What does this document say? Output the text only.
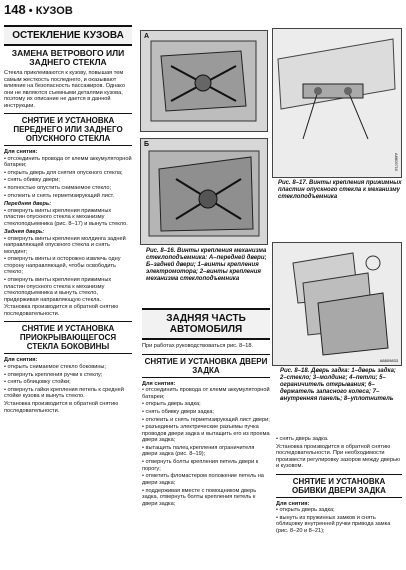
148 • КУЗОВ
ОСТЕКЛЕНИЕ КУЗОВА
ЗАМЕНА ВЕТРОВОГО ИЛИ ЗАДНЕГО СТЕКЛА

Стекла приклеиваются к кузову, повышая тем самым жесткость последнего, и оказывают влияние на безопасность пассажиров. Однако они не являются съемными деталями кузова, поэтому их описание не дается в данной инструкции.

СНЯТИЕ И УСТАНОВКА ПЕРЕДНЕГО ИЛИ ЗАДНЕГО ОПУСКНОГО СТЕКЛА
Для снятия:

• отсоединить провода от клемм аккумуляторной батареи;

• открыть дверь для снятия опускного стекла;

• снять обивку двери;

• полностью опустить снимаемое стекло;

• отклеить и снять герметизирующий лист.

Передняя дверь:

• отвернуть винты крепления прижимных пластин опускного стекла к механизму стеклоподъемника (рис. 8–17) и вынуть стекло.

Задняя дверь:

• отвернуть винты крепления молдинга задней направляющей опускного стекла и снять молдинг;

• отвернуть винты и осторожно извлечь одну сторону направляющей, чтобы освободить стекло;

• отвернуть винты крепления прижимных пластин опускного стекла к механизму стеклоподъемника и вынуть стекло, придерживая направляющую стекла.

Установка производится в обратной снятию последовательности.

СНЯТИЕ И УСТАНОВКА ПРИОКРЫВАЮЩЕГОСЯ СТЕКЛА БОКОВИНЫ
Для снятия:

• открыть снимаемое стекло боковины;

• отвернуть крепления ручки к стеклу;

• снять облицовку стойки;

• отвернуть гайки крепления петель к средней стойке кузова и вынуть стекло.

Установка производится в обратной снятию последовательности.

А
Б
Рис. 8–16. Винты крепления механизма стеклоподъемника: А–передней двери; Б–задней двери; 1–винты крепления электромотора; 2–винты крепления механизма стеклоподъемника
ЗАДНЯЯ ЧАСТЬ АВТОМОБИЛЯ

При работах руководствоваться рис. 8–18.

СНЯТИЕ И УСТАНОВКА ДВЕРИ ЗАДКА
Для снятия:

• отсоединить провода от клемм аккумуляторной батареи;

• открыть дверь задка;

• снять обивку двери задка;

• отклеить и снять герметизирующий лист двери;

• разъединить электрические разъемы пучка проводов двери задка и вытащить его из проема двери задка;

• вытащить палец крепления ограничителя двери задка (рис. 8–19);

• отвернуть болты крепления петель двери к порогу;

• отметить фломастером положение петель на двери задка;

• поддерживая вместе с помощником дверь задка, отвернуть болты крепления петель к двери задка;

А8809710
Рис. 8–17. Винты крепления прижимных пластин опускного стекла к механизму стеклоподъемника
А8809833
Рис. 8–18. Дверь задка: 1–дверь задка; 2–стекло; 3–молдинг; 4–петли; 5–ограничитель открывания; 6–держатель запасного колеса; 7–внутренняя панель; 8–уплотнитель

• снять дверь задка.

Установка производится в обратной снятию последовательности. При необходимости произвести регулировку зазоров между дверью и кузовом.

СНЯТИЕ И УСТАНОВКА ОБИВКИ ДВЕРИ ЗАДКА
Для снятия:

• открыть дверь задка;

• вынуть из пружинных замков и снять облицовку внутренней ручки привода замка (рис. 8–20 и 8–21);
